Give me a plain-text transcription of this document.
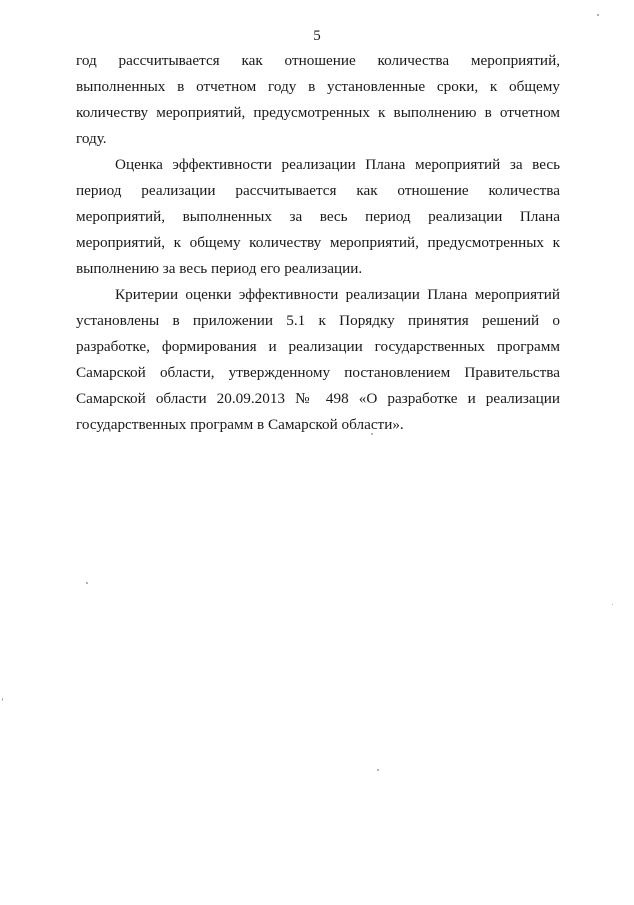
5

год рассчитывается как отношение количества мероприятий, выполненных в отчетном году в установленные сроки, к общему количеству мероприятий, предусмотренных к выполнению в отчетном году.

Оценка эффективности реализации Плана мероприятий за весь период реализации рассчитывается как отношение количества мероприятий, выполненных за весь период реализации Плана мероприятий, к общему количеству мероприятий, предусмотренных к выполнению за весь период его реализации.

Критерии оценки эффективности реализации Плана мероприятий установлены в приложении 5.1 к Порядку принятия решений о разработке, формирования и реализации государственных программ Самарской области, утвержденному постановлением Правительства Самарской области 20.09.2013 № 498 «О разработке и реализации государственных программ в Самарской области».
